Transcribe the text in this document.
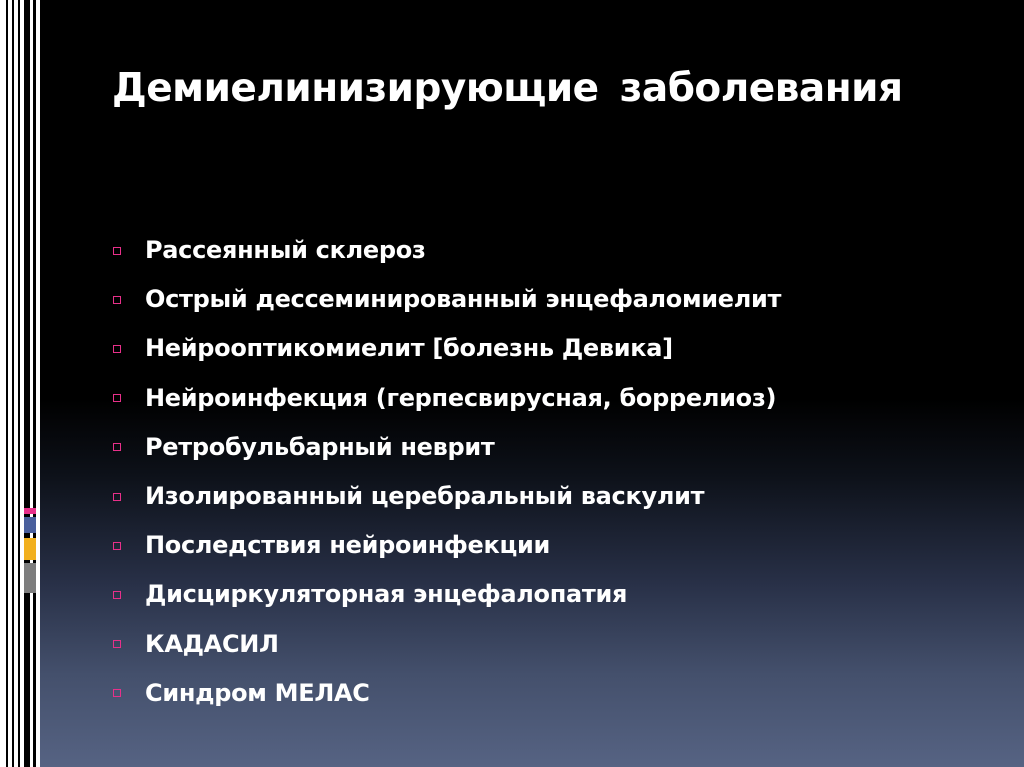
Демиелинизирующие заболевания
Рассеянный склероз
Острый дессеминированный энцефаломиелит
Нейрооптикомиелит [болезнь Девика]
Нейроинфекция (герпесвирусная, боррелиоз)
Ретробульбарный неврит
Изолированный церебральный васкулит
Последствия нейроинфекции
Дисциркуляторная энцефалопатия
КАДАСИЛ
Синдром МЕЛАС
